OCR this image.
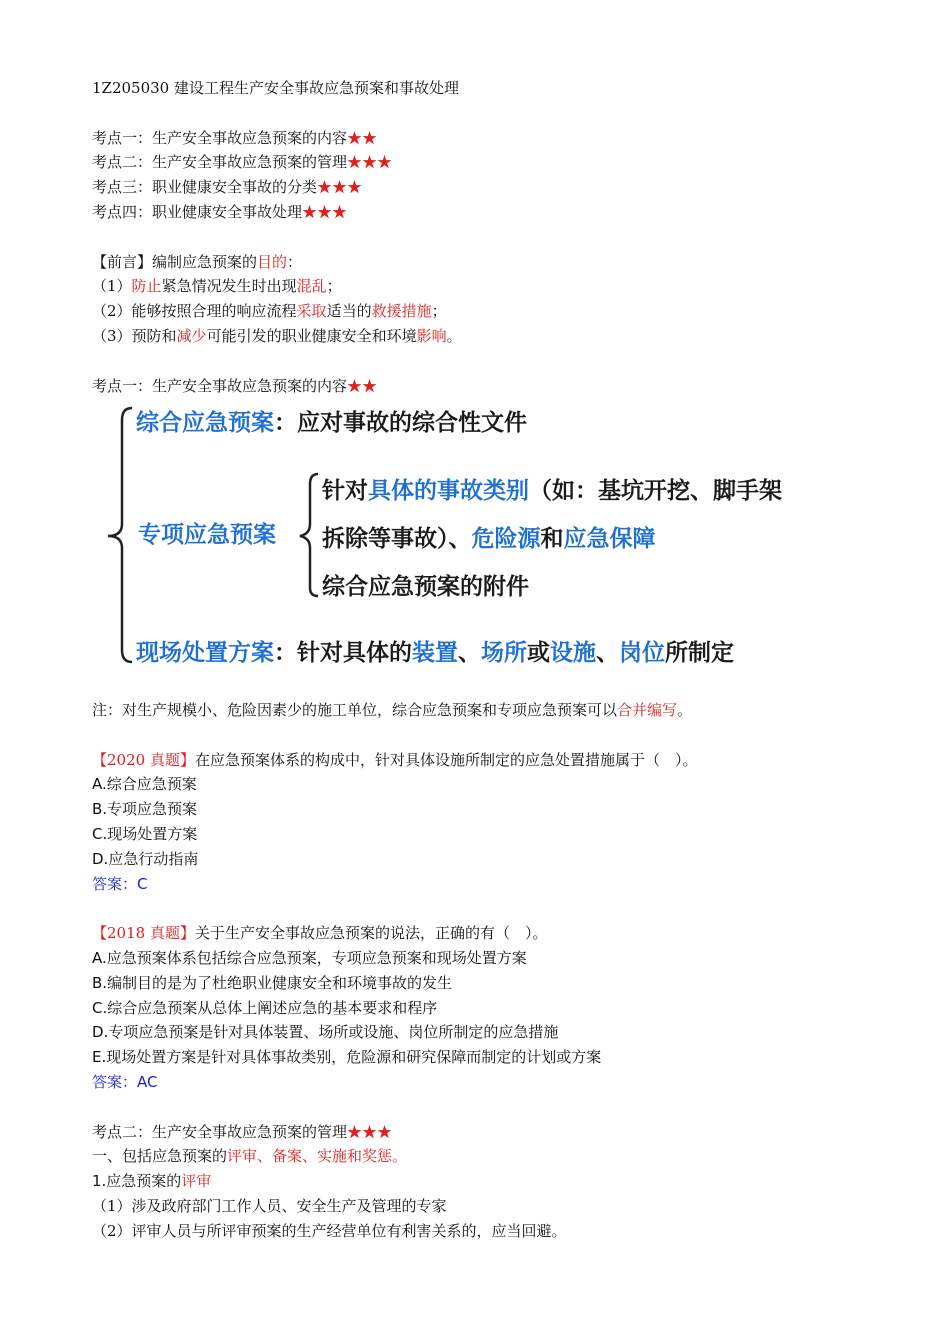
1Z205030 建设工程生产安全事故应急预案和事故处理
考点一：生产安全事故应急预案的内容★★
考点二：生产安全事故应急预案的管理★★★
考点三：职业健康安全事故的分类★★★
考点四：职业健康安全事故处理★★★
【前言】编制应急预案的目的：
（1）防止紧急情况发生时出现混乱；
（2）能够按照合理的响应流程采取适当的救援措施；
（3）预防和减少可能引发的职业健康安全和环境影响。
考点一：生产安全事故应急预案的内容★★
综合应急预案：应对事故的综合性文件
专项应急预案
针对具体的事故类别（如：基坑开挖、脚手架
拆除等事故）、危险源和应急保障
综合应急预案的附件
现场处置方案：针对具体的装置、场所或设施、岗位所制定
注：对生产规模小、危险因素少的施工单位，综合应急预案和专项应急预案可以合并编写。
【2020 真题】在应急预案体系的构成中，针对具体设施所制定的应急处置措施属于（　）。
A.综合应急预案
B.专项应急预案
C.现场处置方案
D.应急行动指南
答案：C
【2018 真题】关于生产安全事故应急预案的说法，正确的有（　）。
A.应急预案体系包括综合应急预案，专项应急预案和现场处置方案
B.编制目的是为了杜绝职业健康安全和环境事故的发生
C.综合应急预案从总体上阐述应急的基本要求和程序
D.专项应急预案是针对具体装置、场所或设施、岗位所制定的应急措施
E.现场处置方案是针对具体事故类别，危险源和研究保障而制定的计划或方案
答案：AC
考点二：生产安全事故应急预案的管理★★★
一、包括应急预案的评审、备案、实施和奖惩。
1.应急预案的评审
（1）涉及政府部门工作人员、安全生产及管理的专家
（2）评审人员与所评审预案的生产经营单位有利害关系的，应当回避。
